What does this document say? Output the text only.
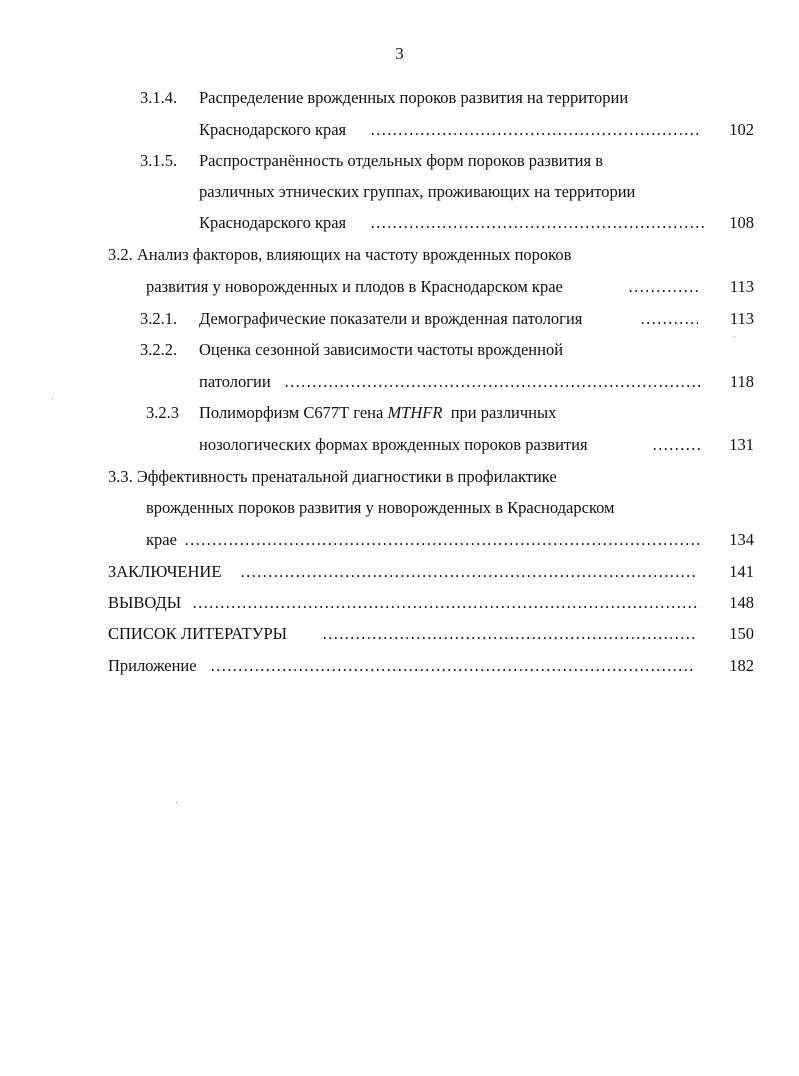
3
3.1.4. Распределение врожденных пороков развития на территории
Краснодарского края ……………………………………………………………………………………………………………………………………………………………………………………………………	102
3.1.5. Распространённость отдельных форм пороков развития в
различных этнических группах, проживающих на территории
Краснодарского края ……………………………………………………………………………………………………………………………………………………………………………………………………	108
3.2. Анализ факторов, влияющих на частоту врожденных пороков
развития у новорожденных и плодов в Краснодарском крае ……………………………………………………………………………………………………………………………………………………………………………………………………	113
3.2.1. Демографические показатели и врожденная патология ……………………………………………………………………………………………………………………………………………………………………………………………………	113
3.2.2. Оценка сезонной зависимости частоты врожденной
патологии ……………………………………………………………………………………………………………………………………………………………………………………………………	118
3.2.3 Полиморфизм С677Т гена MTHFR  при различных
нозологических формах врожденных пороков развития ……………………………………………………………………………………………………………………………………………………………………………………………………	131
3.3. Эффективность пренатальной диагностики в профилактике
врожденных пороков развития у новорожденных в Краснодарском
крае ……………………………………………………………………………………………………………………………………………………………………………………………………	134
ЗАКЛЮЧЕНИЕ ……………………………………………………………………………………………………………………………………………………………………………………………………	141
ВЫВОДЫ ……………………………………………………………………………………………………………………………………………………………………………………………………	148
СПИСОК ЛИТЕРАТУРЫ ……………………………………………………………………………………………………………………………………………………………………………………………………	150
Приложение ……………………………………………………………………………………………………………………………………………………………………………………………………	182
